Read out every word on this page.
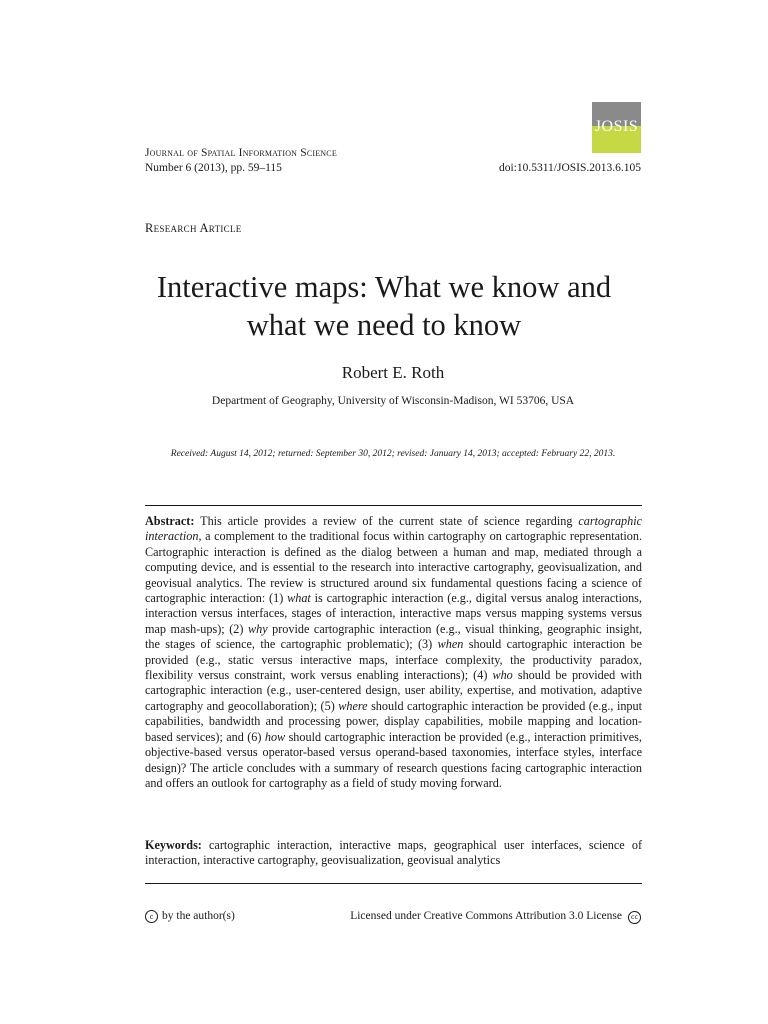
JOSIS
Journal of Spatial Information Science
Number 6 (2013), pp. 59–115	doi:10.5311/JOSIS.2013.6.105
Research Article
Interactive maps: What we know and what we need to know
Robert E. Roth
Department of Geography, University of Wisconsin-Madison, WI 53706, USA
Received: August 14, 2012; returned: September 30, 2012; revised: January 14, 2013; accepted: February 22, 2013.

Abstract: This article provides a review of the current state of science regarding cartographic interaction, a complement to the traditional focus within cartography on cartographic representation. Cartographic interaction is defined as the dialog between a human and map, mediated through a computing device, and is essential to the research into interactive cartography, geovisualization, and geovisual analytics. The review is structured around six fundamental questions facing a science of cartographic interaction: (1) what is cartographic interaction (e.g., digital versus analog interactions, interaction versus interfaces, stages of interaction, interactive maps versus mapping systems versus map mash-ups); (2) why provide cartographic interaction (e.g., visual thinking, geographic insight, the stages of science, the cartographic problematic); (3) when should cartographic interaction be provided (e.g., static versus interactive maps, interface complexity, the productivity paradox, flexibility versus constraint, work versus enabling interactions); (4) who should be provided with cartographic interaction (e.g., user-centered design, user ability, expertise, and motivation, adaptive cartography and geocollaboration); (5) where should cartographic interaction be provided (e.g., input capabilities, bandwidth and processing power, display capabilities, mobile mapping and location-based services); and (6) how should cartographic interaction be provided (e.g., interaction primitives, objective-based versus operator-based versus operand-based taxonomies, interface styles, interface design)? The article concludes with a summary of research questions facing cartographic interaction and offers an outlook for cartography as a field of study moving forward.

Keywords: cartographic interaction, interactive maps, geographical user interfaces, science of interaction, interactive cartography, geovisualization, geovisual analytics

c by the author(s)	Licensed under Creative Commons Attribution 3.0 License cc
